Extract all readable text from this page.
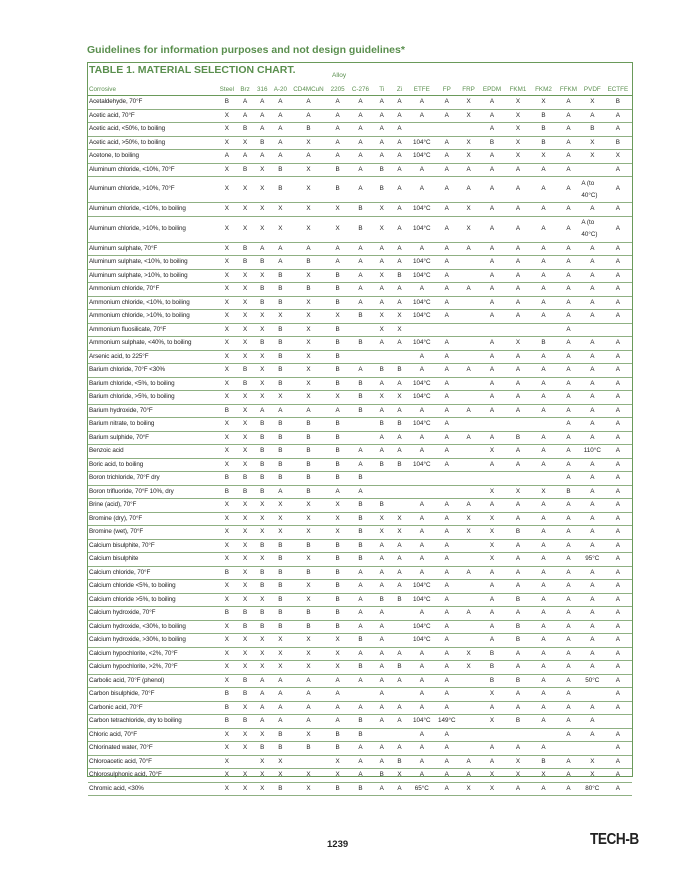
Guidelines for information purposes and not design guidelines*
TABLE 1. MATERIAL SELECTION CHART.	Alloy
Corrosive	Steel	Brz	316	A-20	CD4MCuN	2205	C-276	Ti	Zi	ETFE	FP	FRP	EPDM	FKM1	FKM2	FFKM	PVDF	ECTFE
Acetaldehyde, 70°F	B	A	A	A	A	A	A	A	A	A	A	X	A	X	X	A	X	B
Acetic acid, 70°F	X	A	A	A	A	A	A	A	A	A	A	X	A	X	B	A	A	A
Acetic acid, <50%, to boiling	X	B	A	A	B	A	A	A	A				A	X	B	A	B	A
Acetic acid, >50%, to boiling	X	X	B	A	X	A	A	A	A	104°C	A	X	B	X	B	A	X	B
Acetone, to boiling	A	A	A	A	A	A	A	A	A	104°C	A	X	A	X	X	A	X	X
Aluminum chloride, <10%, 70°F	X	B	X	B	X	B	A	B	A	A	A	A	A	A	A	A		A
Aluminum chloride, >10%, 70°F	X	X	X	B	X	B	A	B	A	A	A	A	A	A	A	A	A (to 40°C)	A
Aluminum chloride, <10%, to boiling	X	X	X	X	X	X	B	X	A	104°C	A	X	A	A	A	A	A	A
Aluminum chloride, >10%, to boiling	X	X	X	X	X	X	B	X	A	104°C	A	X	A	A	A	A	A (to 40°C)	A
Aluminum sulphate, 70°F	X	B	A	A	A	A	A	A	A	A	A	A	A	A	A	A	A	A
Aluminum sulphate, <10%, to boiling	X	B	B	A	B	A	A	A	A	104°C	A		A	A	A	A	A	A
Aluminum sulphate, >10%, to boiling	X	X	X	B	X	B	A	X	B	104°C	A		A	A	A	A	A	A
Ammonium chloride, 70°F	X	X	B	B	B	B	A	A	A	A	A	A	A	A	A	A	A	A
Ammonium chloride, <10%, to boiling	X	X	B	B	X	B	A	A	A	104°C	A		A	A	A	A	A	A
Ammonium chloride, >10%, to boiling	X	X	X	X	X	X	B	X	X	104°C	A		A	A	A	A	A	A
Ammonium fluosilicate, 70°F	X	X	X	B	X	B		X	X							A		
Ammonium sulphate, <40%, to boiling	X	X	B	B	X	B	B	A	A	104°C	A		A	X	B	A	A	A
Arsenic acid, to 225°F	X	X	X	B	X	B				A	A		A	A	A	A	A	A
Barium chloride, 70°F <30%	X	B	X	B	X	B	A	B	B	A	A	A	A	A	A	A	A	A
Barium chloride, <5%, to boiling	X	B	X	B	X	B	B	A	A	104°C	A		A	A	A	A	A	A
Barium chloride, >5%, to boiling	X	X	X	X	X	X	B	X	X	104°C	A		A	A	A	A	A	A
Barium hydroxide, 70°F	B	X	A	A	A	A	B	A	A	A	A	A	A	A	A	A	A	A
Barium nitrate, to boiling	X	X	B	B	B	B		B	B	104°C	A					A	A	A
Barium sulphide, 70°F	X	X	B	B	B	B		A	A	A	A	A	A	B	A	A	A	A
Benzoic acid	X	X	B	B	B	B	A	A	A	A	A		X	A	A	A	110°C	A
Boric acid, to boiling	X	X	B	B	B	B	A	B	B	104°C	A		A	A	A	A	A	A
Boron trichloride, 70°F dry	B	B	B	B	B	B	B									A	A	A
Boron trifluoride, 70°F 10%, dry	B	B	B	A	B	A	A						X	X	X	B	A	A
Brine (acid), 70°F	X	X	X	X	X	X	B	B		A	A	A	A	A	A	A	A	A
Bromine (dry), 70°F	X	X	X	X	X	X	B	X	X	A	A	X	X	A	A	A	A	A
Bromine (wet), 70°F	X	X	X	X	X	X	B	X	X	A	A	X	X	B	A	A	A	A
Calcium bisulphite, 70°F	X	X	B	B	B	B	B	A	A	A	A		X	A	A	A	A	A
Calcium bisulphite	X	X	X	B	X	B	B	A	A	A	A		X	A	A	A	95°C	A
Calcium chloride, 70°F	B	X	B	B	B	B	A	A	A	A	A	A	A	A	A	A	A	A
Calcium chloride <5%, to boiling	X	X	B	B	X	B	A	A	A	104°C	A		A	A	A	A	A	A
Calcium chloride >5%, to boiling	X	X	X	B	X	B	A	B	B	104°C	A		A	B	A	A	A	A
Calcium hydroxide, 70°F	B	B	B	B	B	B	A	A		A	A	A	A	A	A	A	A	A
Calcium hydroxide, <30%, to boiling	X	B	B	B	B	B	A	A		104°C	A		A	B	A	A	A	A
Calcium hydroxide, >30%, to boiling	X	X	X	X	X	X	B	A		104°C	A		A	B	A	A	A	A
Calcium hypochlorite, <2%, 70°F	X	X	X	X	X	X	A	A	A	A	A	X	B	A	A	A	A	A
Calcium hypochlorite, >2%, 70°F	X	X	X	X	X	X	B	A	B	A	A	X	B	A	A	A	A	A
Carbolic acid, 70°F (phenol)	X	B	A	A	A	A	A	A	A	A	A		B	B	A	A	50°C	A
Carbon bisulphide, 70°F	B	B	A	A	A	A		A		A	A		X	A	A	A		A
Carbonic acid, 70°F	B	X	A	A	A	A	A	A	A	A	A		A	A	A	A	A	A
Carbon tetrachloride, dry to boiling	B	B	A	A	A	A	B	A	A	104°C	149°C		X	B	A	A	A	
Chloric acid, 70°F	X	X	X	B	X	B	B			A	A					A	A	A
Chlorinated water, 70°F	X	X	B	B	B	B	A	A	A	A	A		A	A	A			A
Chloroacetic acid, 70°F	X		X	X		X	A	A	B	A	A	A	A	X	B	A	X	A
Chlorosulphonic acid, 70°F	X	X	X	X	X	X	A	B	X	A	A	A	X	X	X	A	X	A
Chromic acid, <30%	X	X	X	B	X	B	B	A	A	65°C	A	X	X	A	A	A	80°C	A
1239	TECH-B
